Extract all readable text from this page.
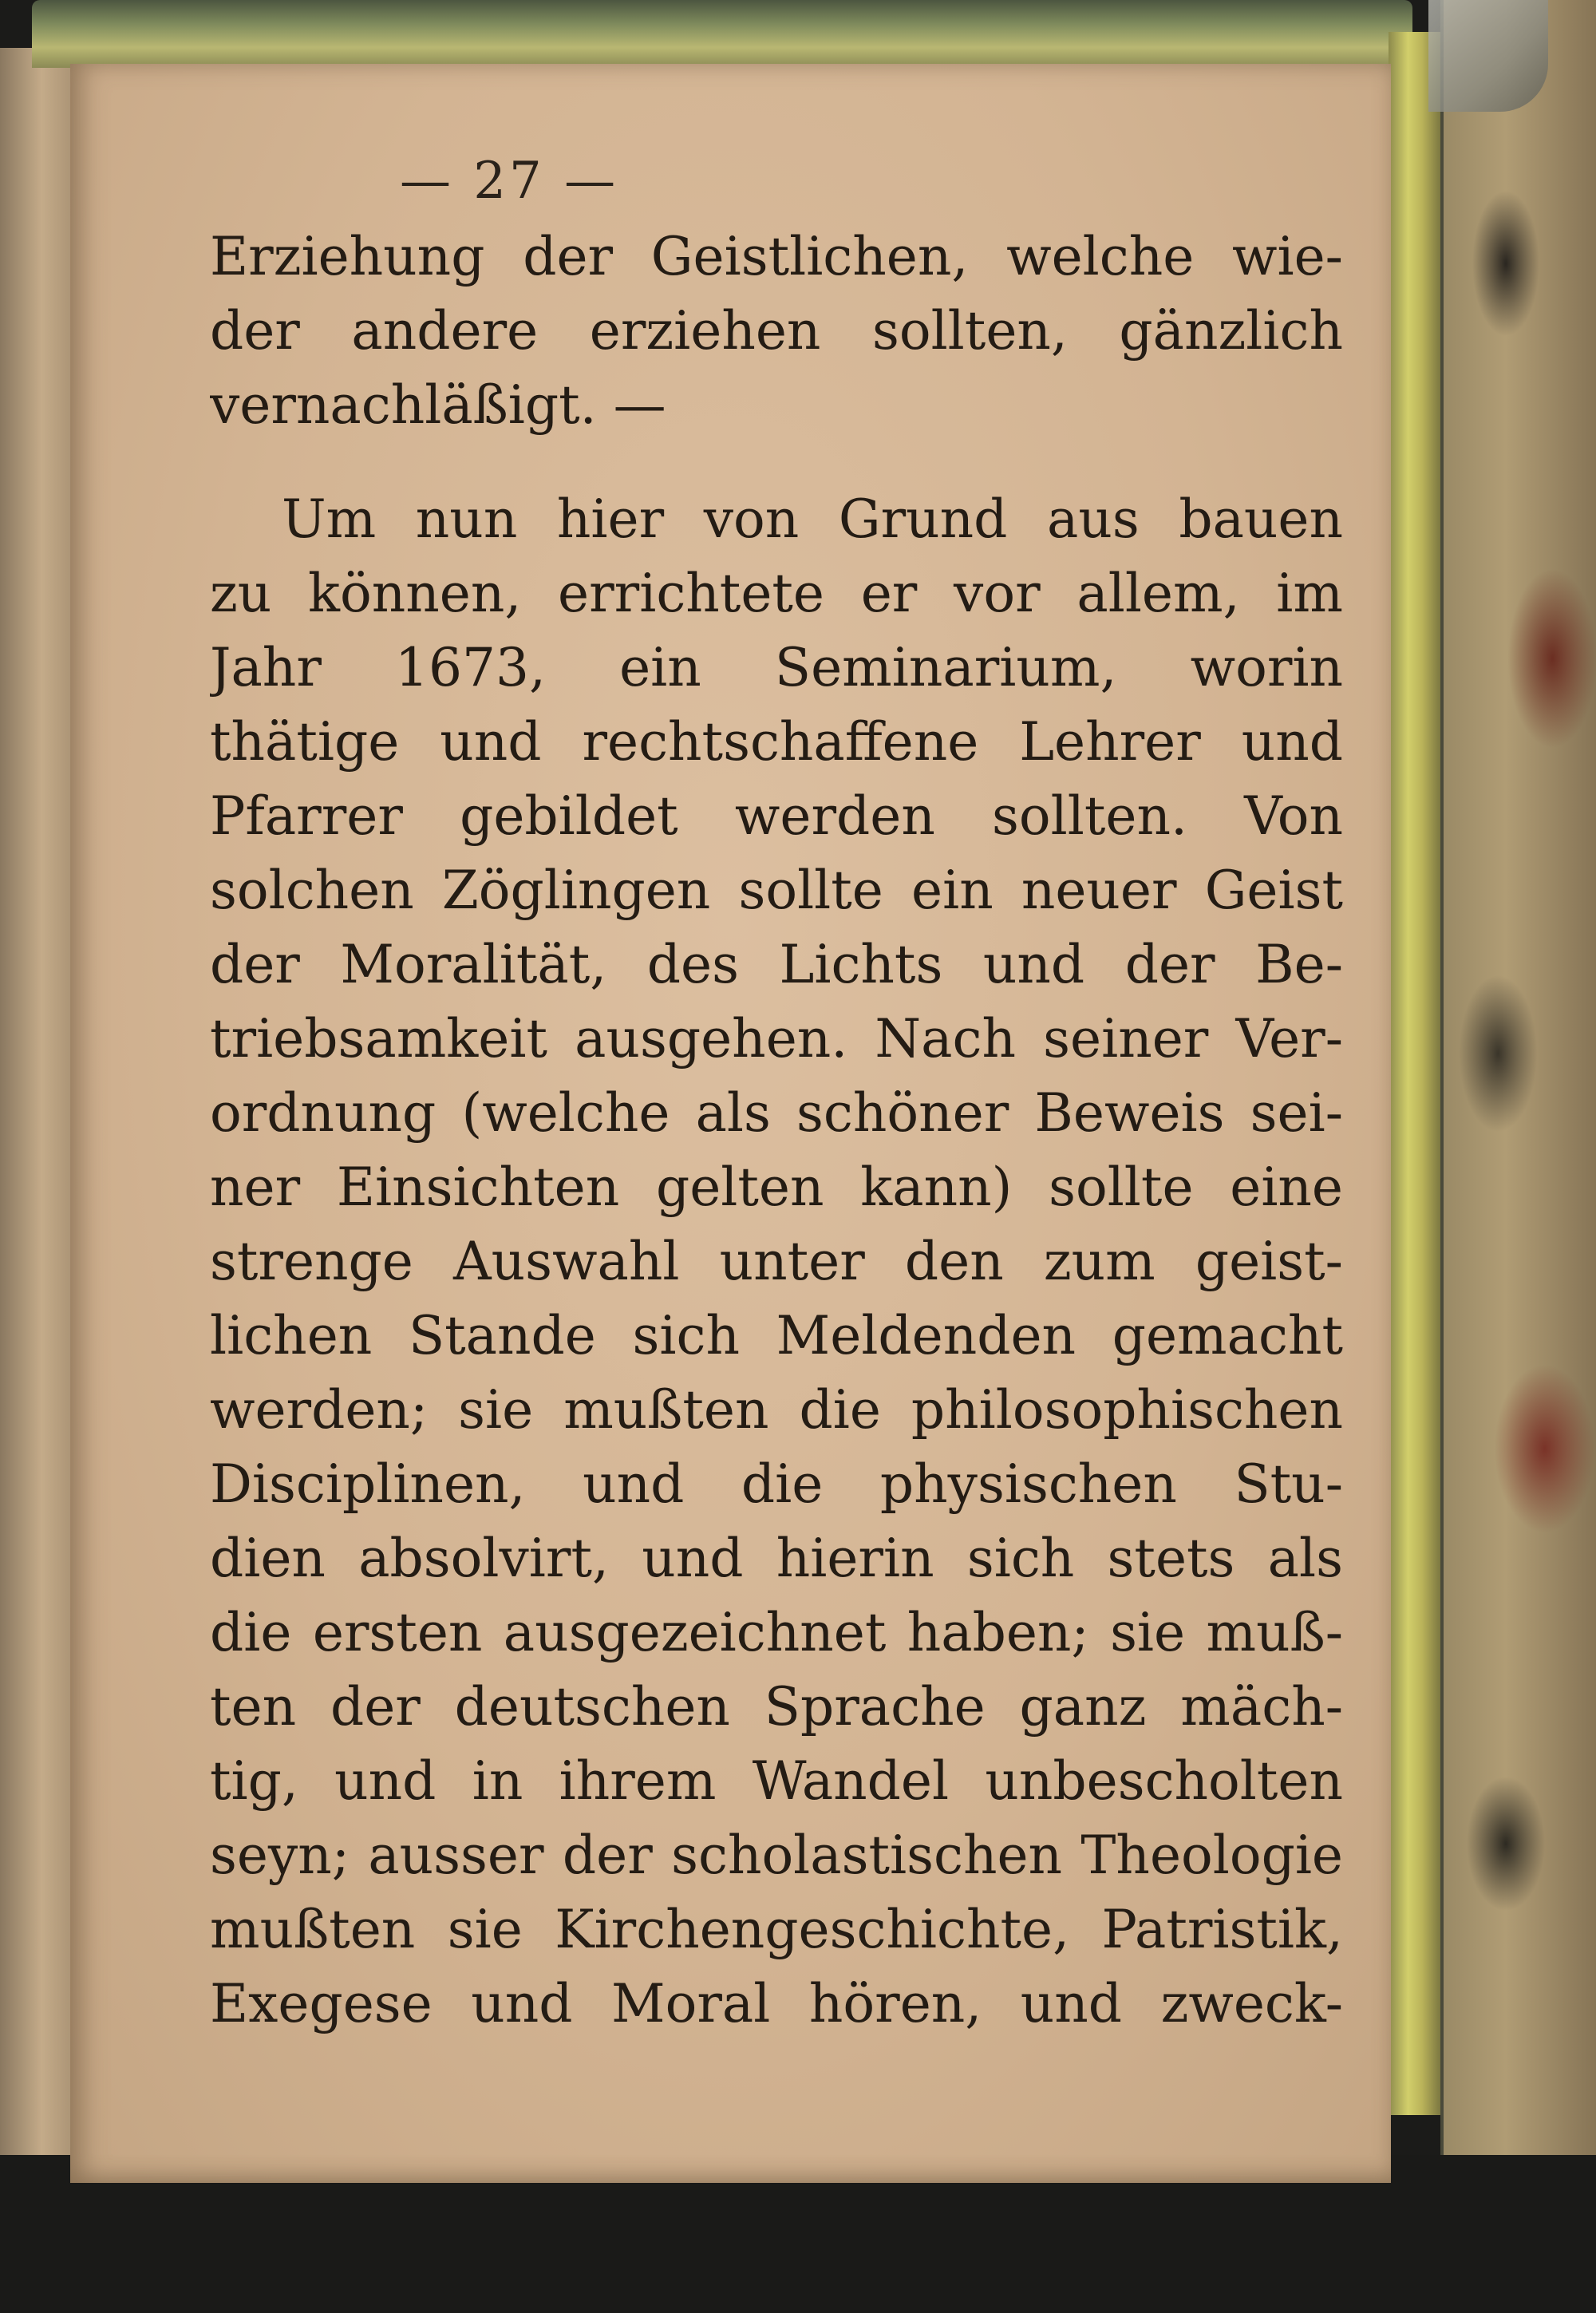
— 27 —
Erziehung der Geistlichen, welche wie-
der andere erziehen sollten, gänzlich
vernachläßigt. —
Um nun hier von Grund aus bauen
zu können, errichtete er vor allem, im
Jahr 1673, ein Seminarium, worin
thätige und rechtschaffene Lehrer und
Pfarrer gebildet werden sollten. Von
solchen Zöglingen sollte ein neuer Geist
der Moralität, des Lichts und der Be-
triebsamkeit ausgehen. Nach seiner Ver-
ordnung (welche als schöner Beweis sei-
ner Einsichten gelten kann) sollte eine
strenge Auswahl unter den zum geist-
lichen Stande sich Meldenden gemacht
werden; sie mußten die philosophischen
Disciplinen, und die physischen Stu-
dien absolvirt, und hierin sich stets als
die ersten ausgezeichnet haben; sie muß-
ten der deutschen Sprache ganz mäch-
tig, und in ihrem Wandel unbescholten
seyn; ausser der scholastischen Theologie
mußten sie Kirchengeschichte, Patristik,
Exegese und Moral hören, und zweck-
